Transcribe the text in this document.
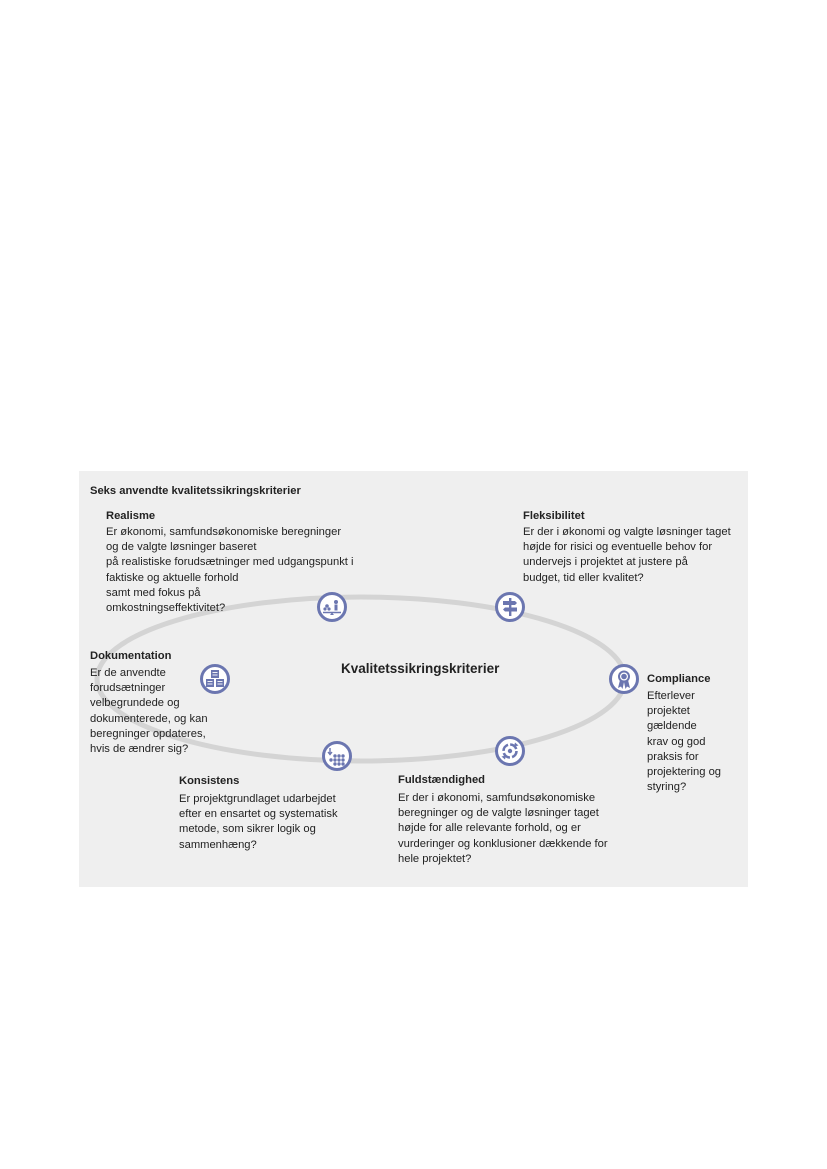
Seks anvendte kvalitetssikringskriterier
Kvalitetssikringskriterier
Realisme
Er økonomi, samfundsøkonomiske beregninger
og de valgte løsninger baseret
på realistiske forudsætninger med udgangspunkt i
faktiske og aktuelle forhold
samt med fokus på
omkostningseffektivitet?
Fleksibilitet
Er der i økonomi og valgte løsninger taget
højde for risici og eventuelle behov for
undervejs i projektet at justere på
budget, tid eller kvalitet?
Compliance
Efterlever
projektet
gældende
krav og god
praksis for
projektering og
styring?
Fuldstændighed
Er der i økonomi, samfundsøkonomiske
beregninger og de valgte løsninger taget
højde for alle relevante forhold, og er
vurderinger og konklusioner dækkende for
hele projektet?
Konsistens
Er projektgrundlaget udarbejdet
efter en ensartet og systematisk
metode, som sikrer logik og
sammenhæng?
Dokumentation
Er de anvendte
forudsætninger
velbegrundede og
dokumenterede, og kan
beregninger opdateres,
hvis de ændrer sig?
